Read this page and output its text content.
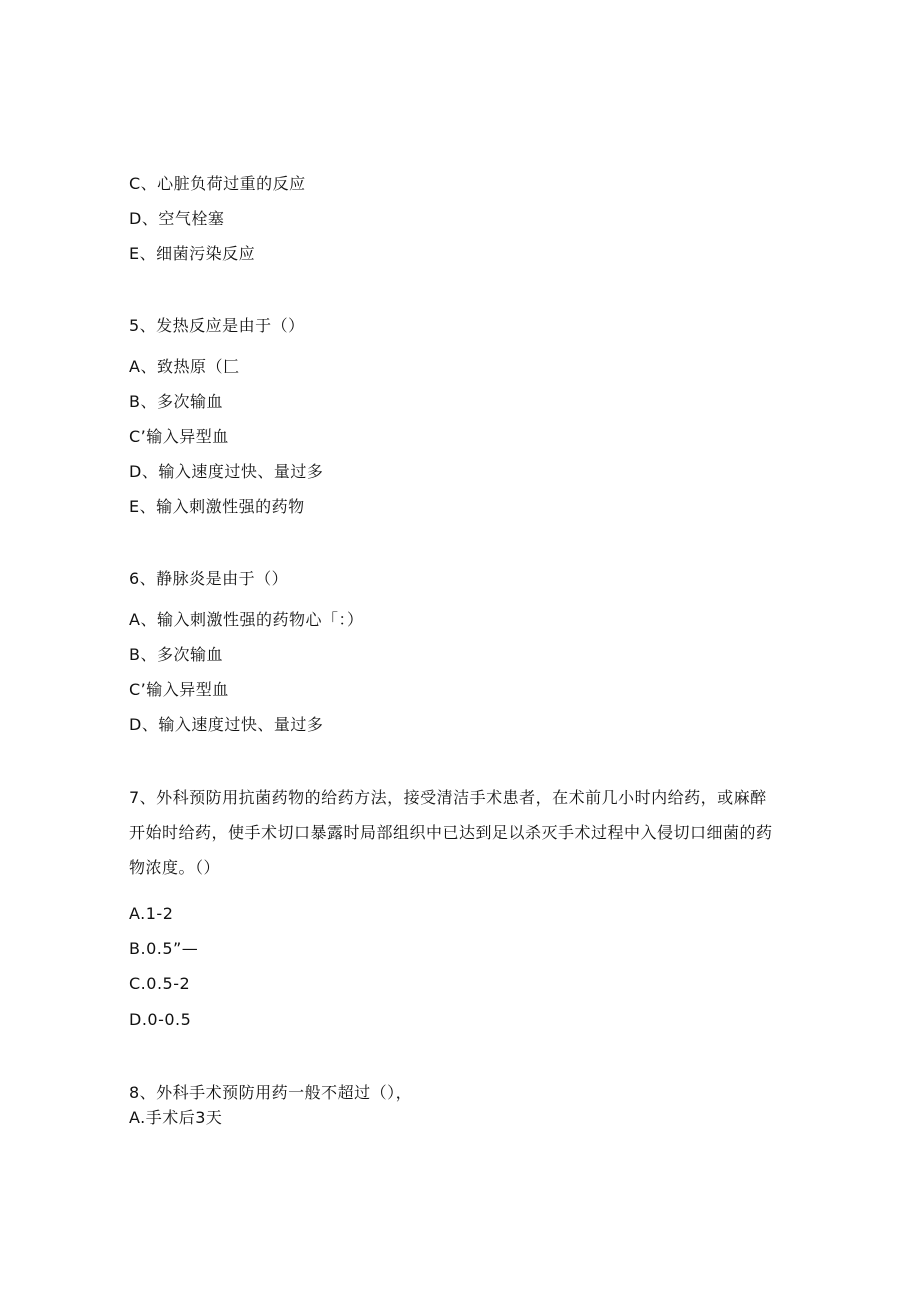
C、心脏负荷过重的反应
D、空气栓塞
E、细菌污染反应
5、发热反应是由于（）
A、致热原（匚
B、多次输血
C’输入异型血
D、输入速度过快、量过多
E、输入刺激性强的药物
6、静脉炎是由于（）
A、输入刺激性强的药物心「：）
B、多次输血
C’输入异型血
D、输入速度过快、量过多
7、外科预防用抗菌药物的给药方法，接受清洁手术患者，在术前几小时内给药，或麻醉开始时给药，使手术切口暴露时局部组织中已达到足以杀灭手术过程中入侵切口细菌的药物浓度。（）
A.1-2
B.0.5”—
C.0.5-2
D.0-0.5
8、外科手术预防用药一般不超过（），
A.手术后3天
